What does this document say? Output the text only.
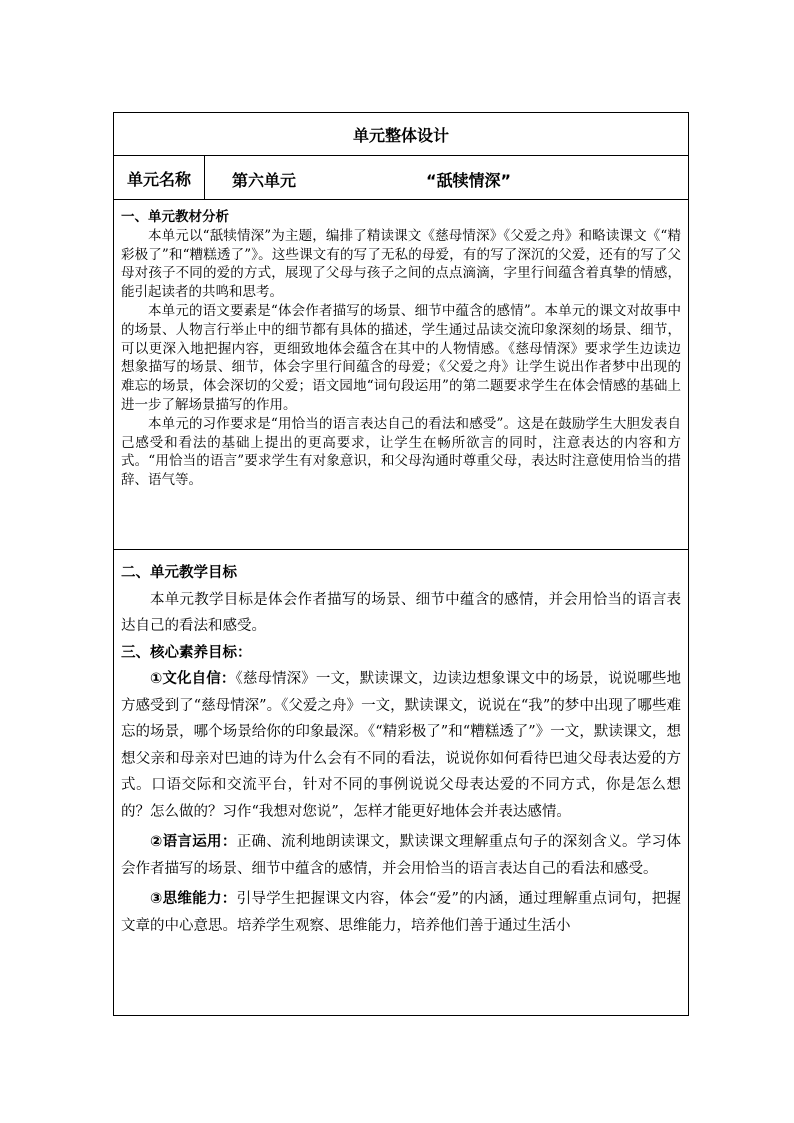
单元整体设计
单元名称	第六单元	“舐犊情深”

一、单元教材分析

本单元以“舐犊情深”为主题，编排了精读课文《慈母情深》《父爱之舟》和略读课文《“精彩极了”和“糟糕透了”》。这些课文有的写了无私的母爱，有的写了深沉的父爱，还有的写了父母对孩子不同的爱的方式，展现了父母与孩子之间的点点滴滴，字里行间蕴含着真挚的情感，能引起读者的共鸣和思考。

本单元的语文要素是“体会作者描写的场景、细节中蕴含的感情”。本单元的课文对故事中的场景、人物言行举止中的细节都有具体的描述，学生通过品读交流印象深刻的场景、细节，可以更深入地把握内容，更细致地体会蕴含在其中的人物情感。《慈母情深》要求学生边读边想象描写的场景、细节，体会字里行间蕴含的母爱；《父爱之舟》让学生说出作者梦中出现的难忘的场景，体会深切的父爱；语文园地“词句段运用”的第二题要求学生在体会情感的基础上进一步了解场景描写的作用。

本单元的习作要求是“用恰当的语言表达自己的看法和感受”。这是在鼓励学生大胆发表自己感受和看法的基础上提出的更高要求，让学生在畅所欲言的同时，注意表达的内容和方式。“用恰当的语言”要求学生有对象意识，和父母沟通时尊重父母，表达时注意使用恰当的措辞、语气等。

二、单元教学目标

本单元教学目标是体会作者描写的场景、细节中蕴含的感情，并会用恰当的语言表达自己的看法和感受。

三、核心素养目标：

①文化自信：《慈母情深》一文，默读课文，边读边想象课文中的场景，说说哪些地方感受到了“慈母情深”。《父爱之舟》一文，默读课文，说说在“我”的梦中出现了哪些难忘的场景，哪个场景给你的印象最深。《“精彩极了”和“糟糕透了”》一文，默读课文，想想父亲和母亲对巴迪的诗为什么会有不同的看法，说说你如何看待巴迪父母表达爱的方式。口语交际和交流平台，针对不同的事例说说父母表达爱的不同方式，你是怎么想的？怎么做的？习作“我想对您说”，怎样才能更好地体会并表达感情。

②语言运用：正确、流利地朗读课文，默读课文理解重点句子的深刻含义。学习体会作者描写的场景、细节中蕴含的感情，并会用恰当的语言表达自己的看法和感受。

③思维能力：引导学生把握课文内容，体会“爱”的内涵，通过理解重点词句，把握文章的中心意思。培养学生观察、思维能力，培养他们善于通过生活小
